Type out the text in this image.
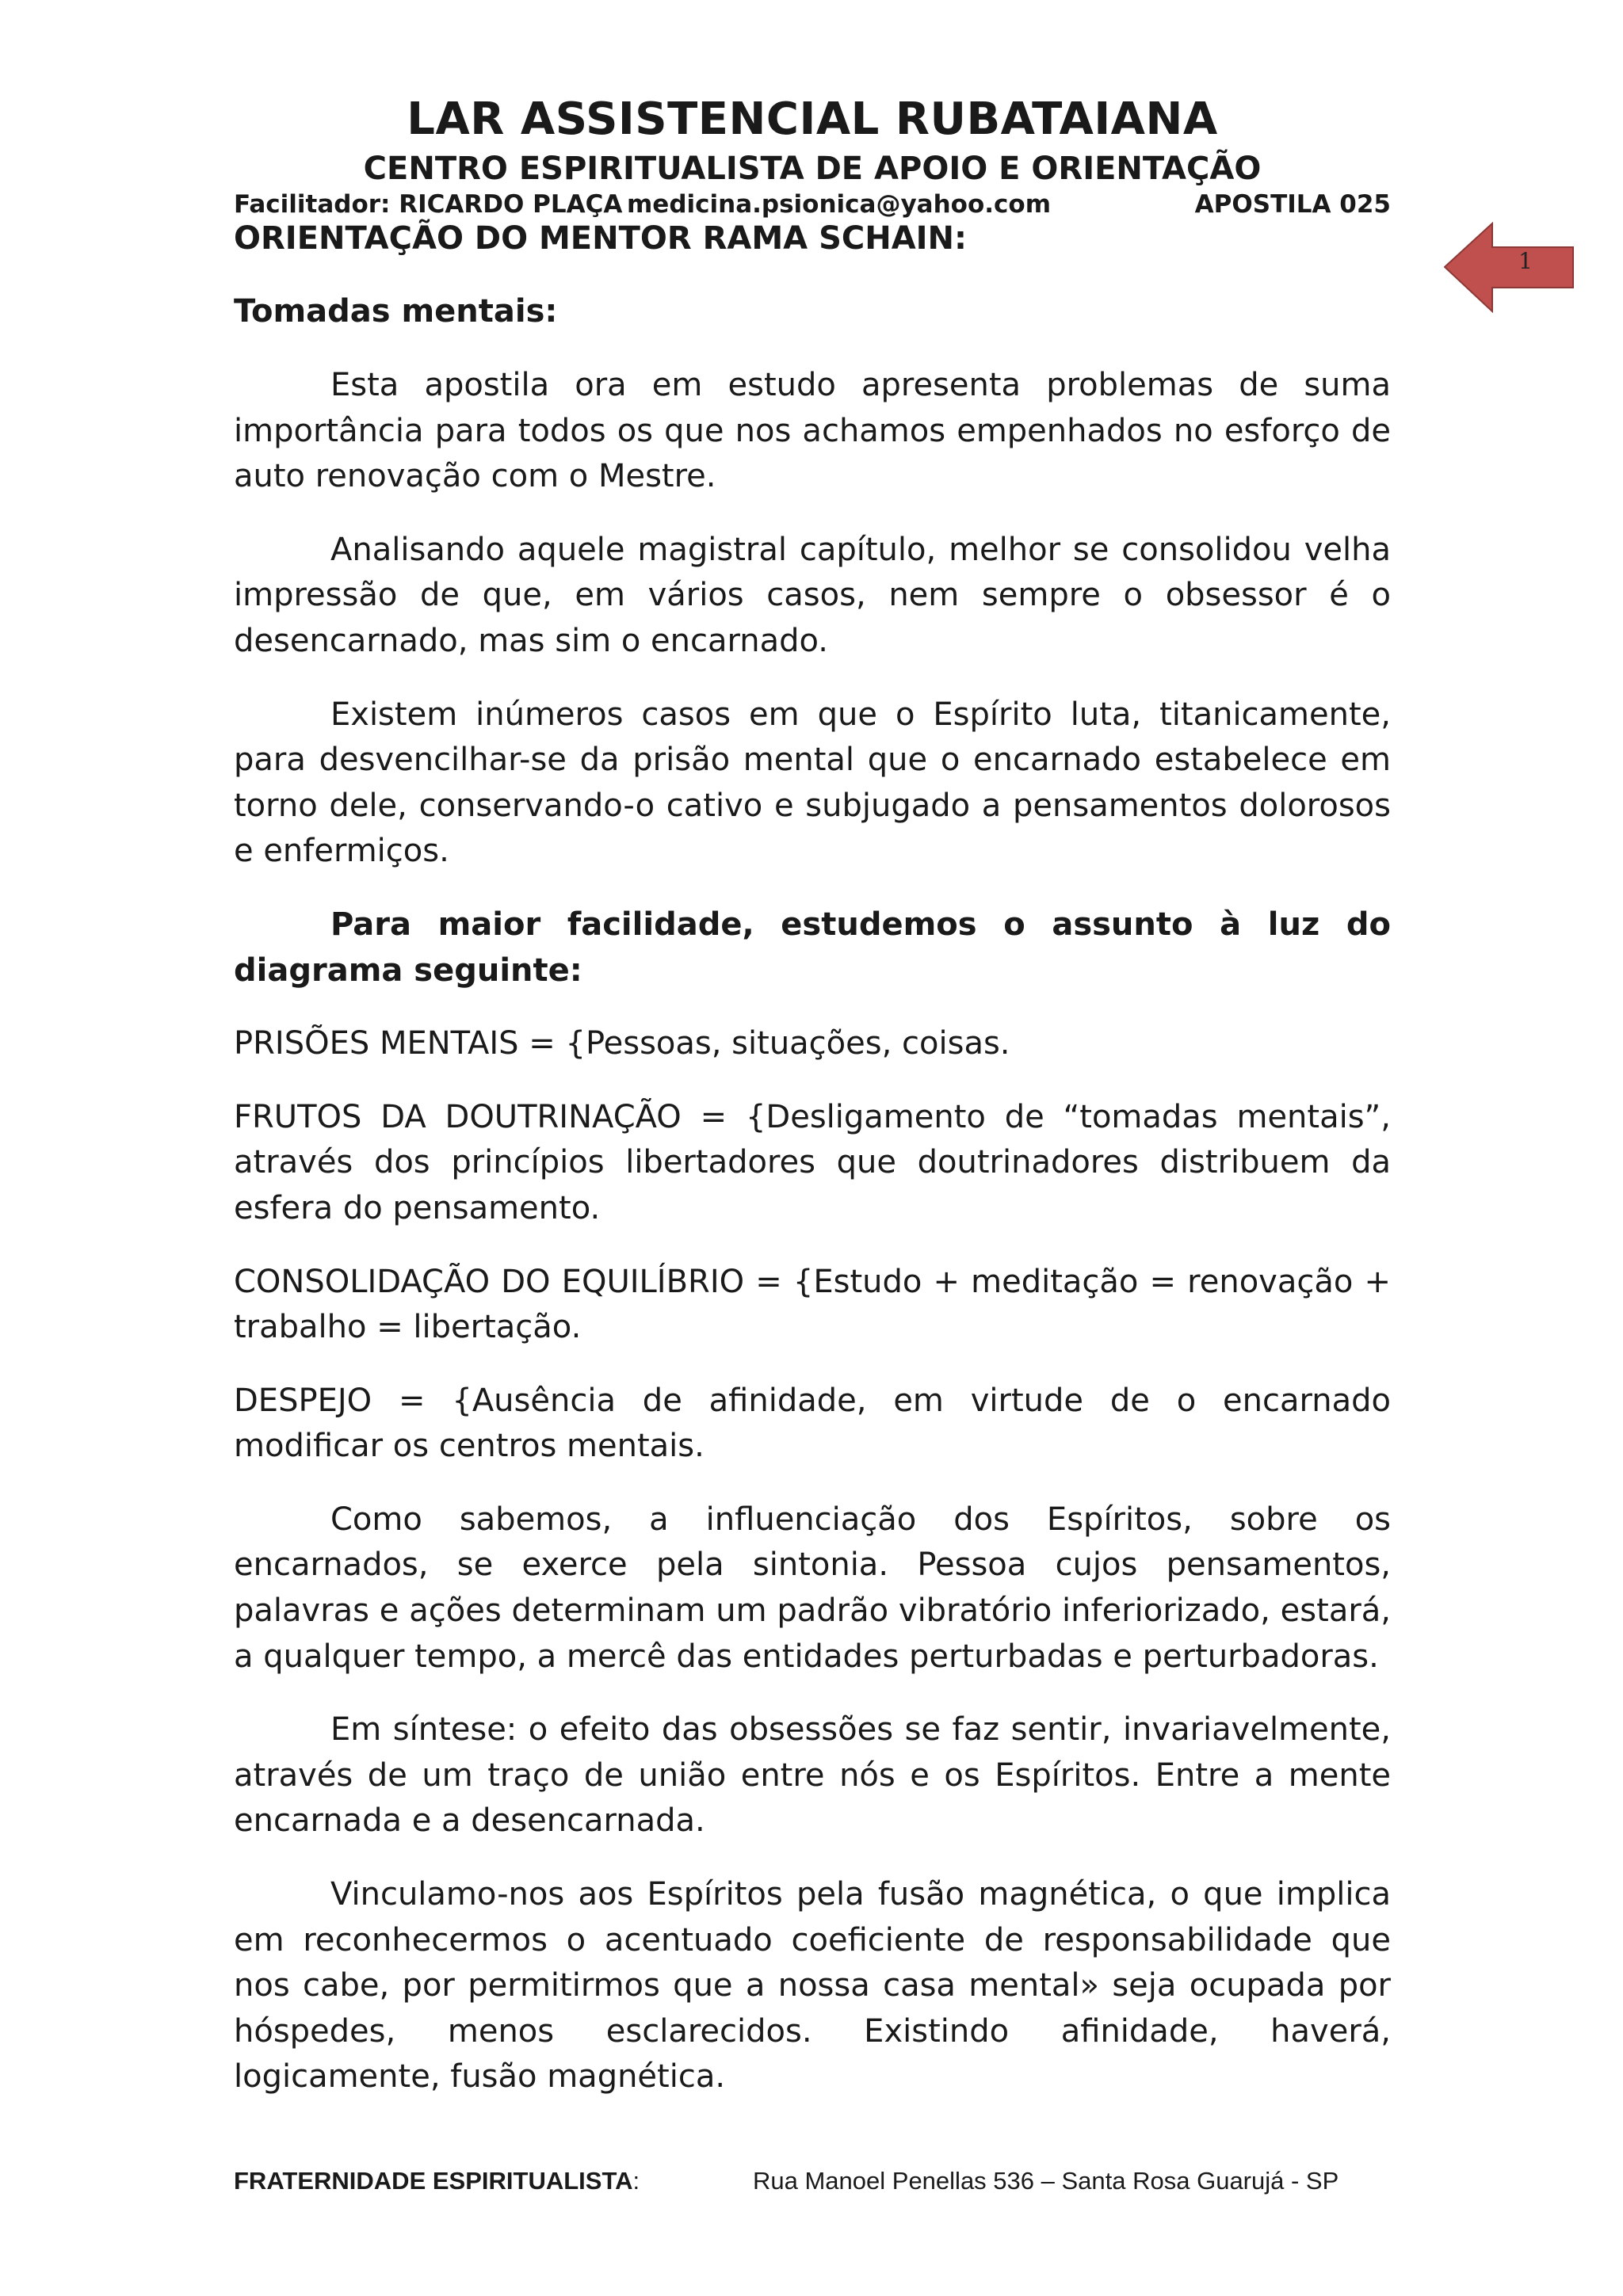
LAR ASSISTENCIAL RUBATAIANA
CENTRO ESPIRITUALISTA DE APOIO E ORIENTAÇÃO
Facilitador: RICARDO PLAÇA medicina.psionica@yahoo.com	APOSTILA 025
ORIENTAÇÃO DO MENTOR RAMA SCHAIN:
Tomadas mentais:

Esta apostila ora em estudo apresenta problemas de suma importância para todos os que nos achamos empenhados no esforço de auto renovação com o Mestre.

Analisando aquele magistral capítulo, melhor se consolidou velha impressão de que, em vários casos, nem sempre o obsessor é o desencarnado, mas sim o encarnado.

Existem inúmeros casos em que o Espírito luta, titanicamente, para desvencilhar-se da prisão mental que o encarnado estabelece em torno dele, conservando-o cativo e subjugado a pensamentos dolorosos e enfermiços.

Para maior facilidade, estudemos o assunto à luz do diagrama seguinte:

PRISÕES MENTAIS = {Pessoas, situações, coisas.

FRUTOS DA DOUTRINAÇÃO = {Desligamento de “tomadas mentais”, através dos princípios libertadores que doutrinadores distribuem da esfera do pensamento.

CONSOLIDAÇÃO DO EQUILÍBRIO = {Estudo + meditação = renovação + trabalho = libertação.

DESPEJO = {Ausência de afinidade, em virtude de o encarnado modificar os centros mentais.

Como sabemos, a influenciação dos Espíritos, sobre os encarnados, se exerce pela sintonia. Pessoa cujos pensamentos, palavras e ações determinam um padrão vibratório inferiorizado, estará, a qualquer tempo, a mercê das entidades perturbadas e perturbadoras.

Em síntese: o efeito das obsessões se faz sentir, invariavelmente, através de um traço de união entre nós e os Espíritos. Entre a mente encarnada e a desencarnada.

Vinculamo-nos aos Espíritos pela fusão magnética, o que implica em reconhecermos o acentuado coeficiente de responsabilidade que nos cabe, por permitirmos que a nossa casa mental» seja ocupada por hóspedes, menos esclarecidos. Existindo afinidade, haverá, logicamente, fusão magnética.

FRATERNIDADE ESPIRITUALISTA:	Rua Manoel Penellas 536 – Santa Rosa Guarujá - SP
1
